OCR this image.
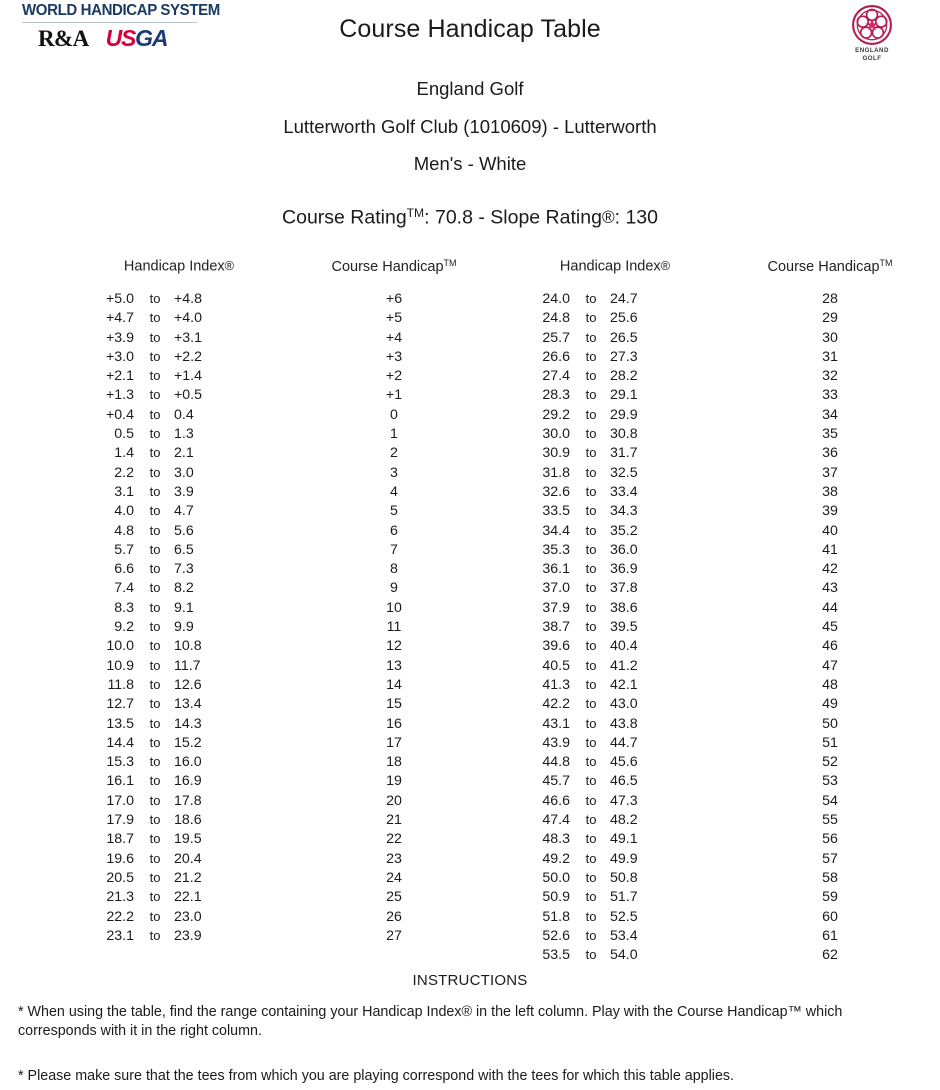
WORLD HANDICAP SYSTEM
R&A USGA	ENGLAND
GOLF
Course Handicap Table
England Golf
Lutterworth Golf Club (1010609) - Lutterworth
Men's - White
Course Rating™: 70.8 - Slope Rating®: 130
Handicap Index®	Course Handicap™
+5.0	to +4.8	+6
+4.7	to +4.0	+5
+3.9	to +3.1	+4
+3.0	to +2.2	+3
+2.1	to +1.4	+2
+1.3	to +0.5	+1
+0.4	to 0.4	0
0.5	to 1.3	1
1.4	to 2.1	2
2.2	to 3.0	3
3.1	to 3.9	4
4.0	to 4.7	5
4.8	to 5.6	6
5.7	to 6.5	7
6.6	to 7.3	8
7.4	to 8.2	9
8.3	to 9.1	10
9.2	to 9.9	11
10.0	to 10.8	12
10.9	to 11.7	13
11.8	to 12.6	14
12.7	to 13.4	15
13.5	to 14.3	16
14.4	to 15.2	17
15.3	to 16.0	18
16.1	to 16.9	19
17.0	to 17.8	20
17.9	to 18.6	21
18.7	to 19.5	22
19.6	to 20.4	23
20.5	to 21.2	24
21.3	to 22.1	25
22.2	to 23.0	26
23.1	to 23.9	27
Handicap Index®	Course Handicap™
24.0	to 24.7	28
24.8	to 25.6	29
25.7	to 26.5	30
26.6	to 27.3	31
27.4	to 28.2	32
28.3	to 29.1	33
29.2	to 29.9	34
30.0	to 30.8	35
30.9	to 31.7	36
31.8	to 32.5	37
32.6	to 33.4	38
33.5	to 34.3	39
34.4	to 35.2	40
35.3	to 36.0	41
36.1	to 36.9	42
37.0	to 37.8	43
37.9	to 38.6	44
38.7	to 39.5	45
39.6	to 40.4	46
40.5	to 41.2	47
41.3	to 42.1	48
42.2	to 43.0	49
43.1	to 43.8	50
43.9	to 44.7	51
44.8	to 45.6	52
45.7	to 46.5	53
46.6	to 47.3	54
47.4	to 48.2	55
48.3	to 49.1	56
49.2	to 49.9	57
50.0	to 50.8	58
50.9	to 51.7	59
51.8	to 52.5	60
52.6	to 53.4	61
53.5	to 54.0	62
INSTRUCTIONS
* When using the table, find the range containing your Handicap Index® in the left column. Play with the Course Handicap™ which corresponds with it in the right column.
* Please make sure that the tees from which you are playing correspond with the tees for which this table applies.
